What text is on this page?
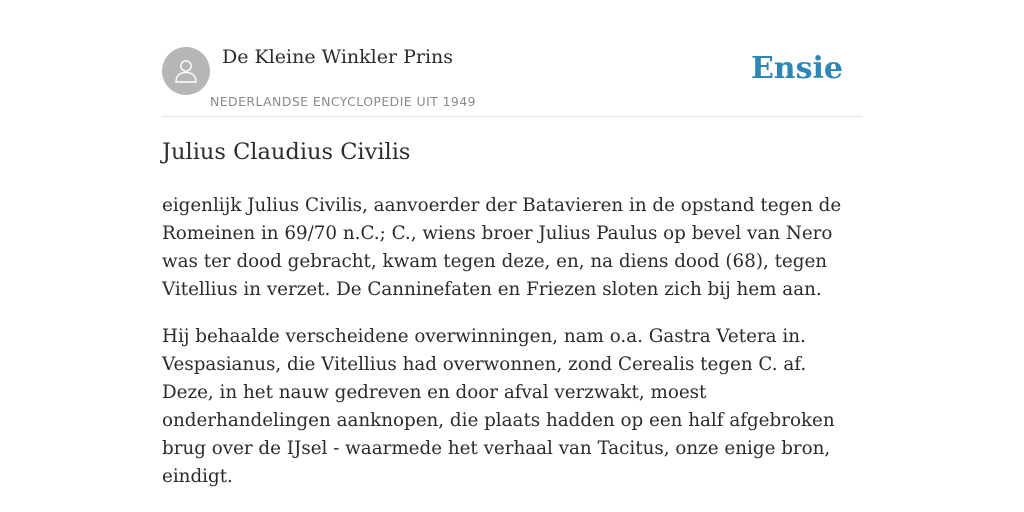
De Kleine Winkler Prins
NEDERLANDSE ENCYCLOPEDIE UIT 1949
Ensie
Julius Claudius Civilis

eigenlijk Julius Civilis, aanvoerder der Batavieren in de opstand tegen de Romeinen in 69/70 n.C.; C., wiens broer Julius Paulus op bevel van Nero was ter dood gebracht, kwam tegen deze, en, na diens dood (68), tegen Vitellius in verzet. De Canninefaten en Friezen sloten zich bij hem aan.

Hij behaalde verscheidene overwinningen, nam o.a. Gastra Vetera in. Vespasianus, die Vitellius had overwonnen, zond Cerealis tegen C. af. Deze, in het nauw gedreven en door afval verzwakt, moest onderhandelingen aanknopen, die plaats hadden op een half afgebroken brug over de IJsel - waarmede het verhaal van Tacitus, onze enige bron, eindigt.
